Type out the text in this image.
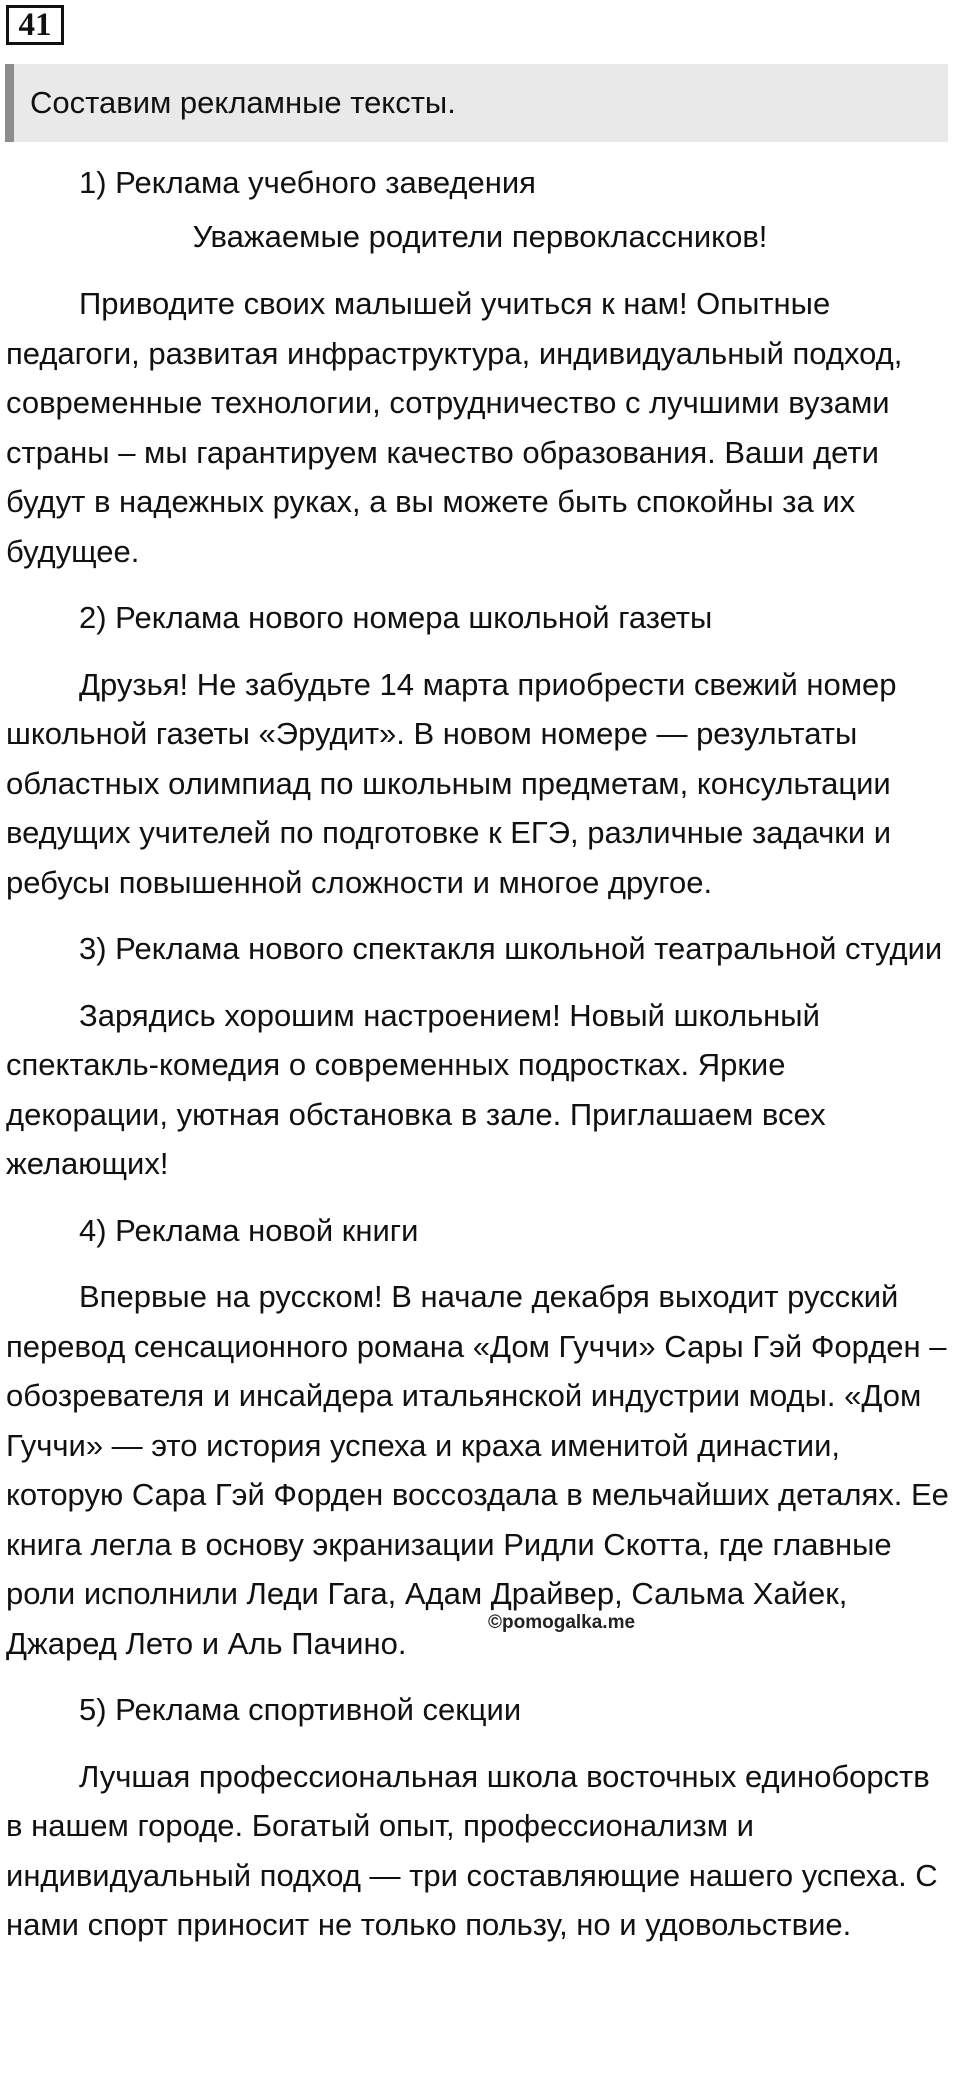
41
Составим рекламные тексты.

1) Реклама учебного заведения

Уважаемые родители первоклассников!

Приводите своих малышей учиться к нам! Опытные педагоги, развитая инфраструктура, индивидуальный подход, современные технологии, сотрудничество с лучшими вузами страны – мы гарантируем качество образования. Ваши дети будут в надежных руках, а вы можете быть спокойны за их будущее.

2) Реклама нового номера школьной газеты

Друзья! Не забудьте 14 марта приобрести свежий номер школьной газеты «Эрудит». В новом номере — результаты областных олимпиад по школьным предметам, консультации ведущих учителей по подготовке к ЕГЭ, различные задачки и ребусы повышенной сложности и многое другое.

3) Реклама нового спектакля школьной театральной студии

Зарядись хорошим настроением! Новый школьный спектакль-комедия о современных подростках. Яркие декорации, уютная обстановка в зале. Приглашаем всех желающих!

4) Реклама новой книги

Впервые на русском! В начале декабря выходит русский перевод сенсационного романа «Дом Гуччи» Сары Гэй Форден – обозревателя и инсайдера итальянской индустрии моды. «Дом Гуччи» — это история успеха и краха именитой династии, которую Сара Гэй Форден воссоздала в мельчайших деталях. Ее книга легла в основу экранизации Ридли Скотта, где главные роли исполнили Леди Гага, Адам Драйвер, Сальма Хайек, Джаред Лето и Аль Пачино.

5) Реклама спортивной секции

Лучшая профессиональная школа восточных единоборств в нашем городе. Богатый опыт, профессионализм и индивидуальный подход — три составляющие нашего успеха. С нами спорт приносит не только пользу, но и удовольствие.

©pomogalka.me
